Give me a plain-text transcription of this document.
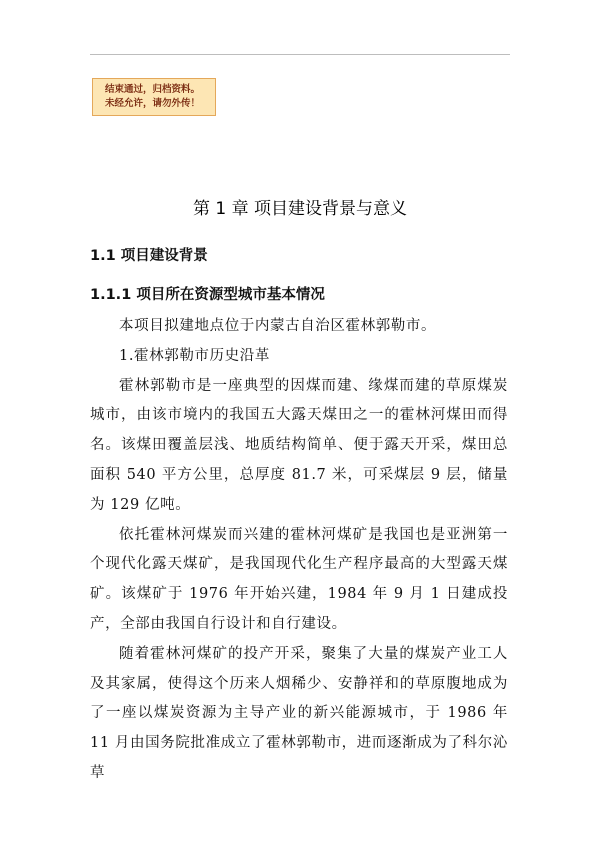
结束通过，归档资料。
未经允许，请勿外传！
第 1 章 项目建设背景与意义
1.1 项目建设背景
1.1.1 项目所在资源型城市基本情况

本项目拟建地点位于内蒙古自治区霍林郭勒市。

1.霍林郭勒市历史沿革

霍林郭勒市是一座典型的因煤而建、缘煤而建的草原煤炭城市，由该市境内的我国五大露天煤田之一的霍林河煤田而得名。该煤田覆盖层浅、地质结构简单、便于露天开采，煤田总面积 540 平方公里，总厚度 81.7 米，可采煤层 9 层，储量为 129 亿吨。

依托霍林河煤炭而兴建的霍林河煤矿是我国也是亚洲第一个现代化露天煤矿，是我国现代化生产程序最高的大型露天煤矿。该煤矿于 1976 年开始兴建，1984 年 9 月 1 日建成投产，全部由我国自行设计和自行建设。

随着霍林河煤矿的投产开采，聚集了大量的煤炭产业工人及其家属，使得这个历来人烟稀少、安静祥和的草原腹地成为了一座以煤炭资源为主导产业的新兴能源城市，于 1986 年 11 月由国务院批准成立了霍林郭勒市，进而逐渐成为了科尔沁草
